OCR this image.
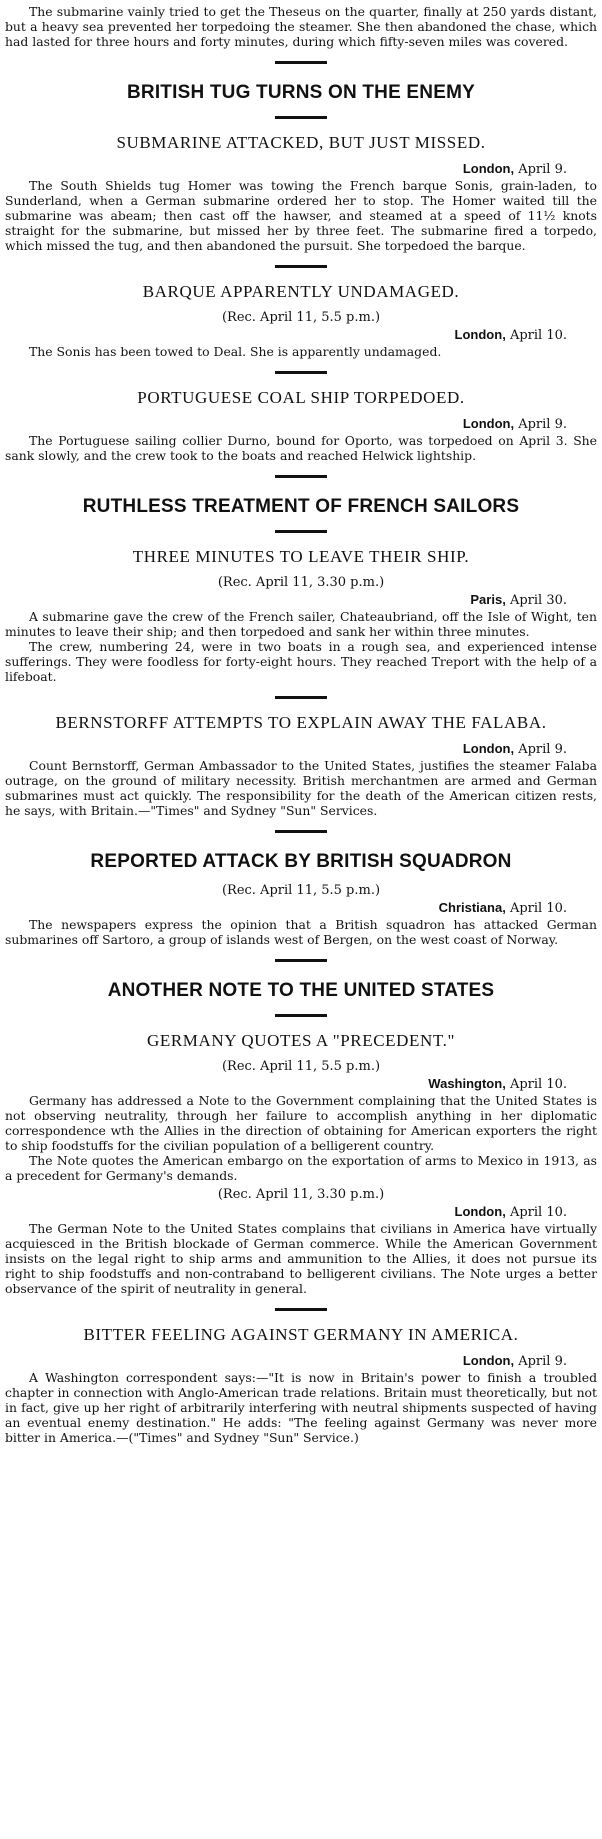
The submarine vainly tried to get the Theseus on the quarter, finally at 250 yards distant, but a heavy sea prevented her torpedoing the steamer. She then abandoned the chase, which had lasted for three hours and forty minutes, during which fifty-seven miles was covered.

BRITISH TUG TURNS ON THE ENEMY
SUBMARINE ATTACKED, BUT JUST MISSED.
London, April 9.

The South Shields tug Homer was towing the French barque Sonis, grain-laden, to Sunderland, when a German submarine ordered her to stop. The Homer waited till the submarine was abeam; then cast off the hawser, and steamed at a speed of 11½ knots straight for the submarine, but missed her by three feet. The submarine fired a torpedo, which missed the tug, and then abandoned the pursuit. She torpedoed the barque.

BARQUE APPARENTLY UNDAMAGED.
(Rec. April 11, 5.5 p.m.)
London, April 10.

The Sonis has been towed to Deal. She is apparently undamaged.

PORTUGUESE COAL SHIP TORPEDOED.
London, April 9.

The Portuguese sailing collier Durno, bound for Oporto, was torpedoed on April 3. She sank slowly, and the crew took to the boats and reached Helwick lightship.

RUTHLESS TREATMENT OF FRENCH SAILORS
THREE MINUTES TO LEAVE THEIR SHIP.
(Rec. April 11, 3.30 p.m.)
Paris, April 30.

A submarine gave the crew of the French sailer, Chateaubriand, off the Isle of Wight, ten minutes to leave their ship; and then torpedoed and sank her within three minutes.

The crew, numbering 24, were in two boats in a rough sea, and experienced intense sufferings. They were foodless for forty-eight hours. They reached Treport with the help of a lifeboat.

BERNSTORFF ATTEMPTS TO EXPLAIN AWAY THE FALABA.
London, April 9.

Count Bernstorff, German Ambassador to the United States, justifies the steamer Falaba outrage, on the ground of military necessity. British merchantmen are armed and German submarines must act quickly. The responsibility for the death of the American citizen rests, he says, with Britain.—"Times" and Sydney "Sun" Services.

REPORTED ATTACK BY BRITISH SQUADRON
(Rec. April 11, 5.5 p.m.)
Christiana, April 10.

The newspapers express the opinion that a British squadron has attacked German submarines off Sartoro, a group of islands west of Bergen, on the west coast of Norway.

ANOTHER NOTE TO THE UNITED STATES
GERMANY QUOTES A "PRECEDENT."
(Rec. April 11, 5.5 p.m.)
Washington, April 10.

Germany has addressed a Note to the Government complaining that the United States is not observing neutrality, through her failure to accomplish anything in her diplomatic correspondence wth the Allies in the direction of obtaining for American exporters the right to ship foodstuffs for the civilian population of a belligerent country.

The Note quotes the American embargo on the exportation of arms to Mexico in 1913, as a precedent for Germany's demands.

(Rec. April 11, 3.30 p.m.)
London, April 10.

The German Note to the United States complains that civilians in America have virtually acquiesced in the British blockade of German commerce. While the American Government insists on the legal right to ship arms and ammunition to the Allies, it does not pursue its right to ship foodstuffs and non-contraband to belligerent civilians. The Note urges a better observance of the spirit of neutrality in general.

BITTER FEELING AGAINST GERMANY IN AMERICA.
London, April 9.

A Washington correspondent says:—"It is now in Britain's power to finish a troubled chapter in connection with Anglo-American trade relations. Britain must theoretically, but not in fact, give up her right of arbitrarily interfering with neutral shipments suspected of having an eventual enemy destination." He adds: "The feeling against Germany was never more bitter in America.—("Times" and Sydney "Sun" Service.)
